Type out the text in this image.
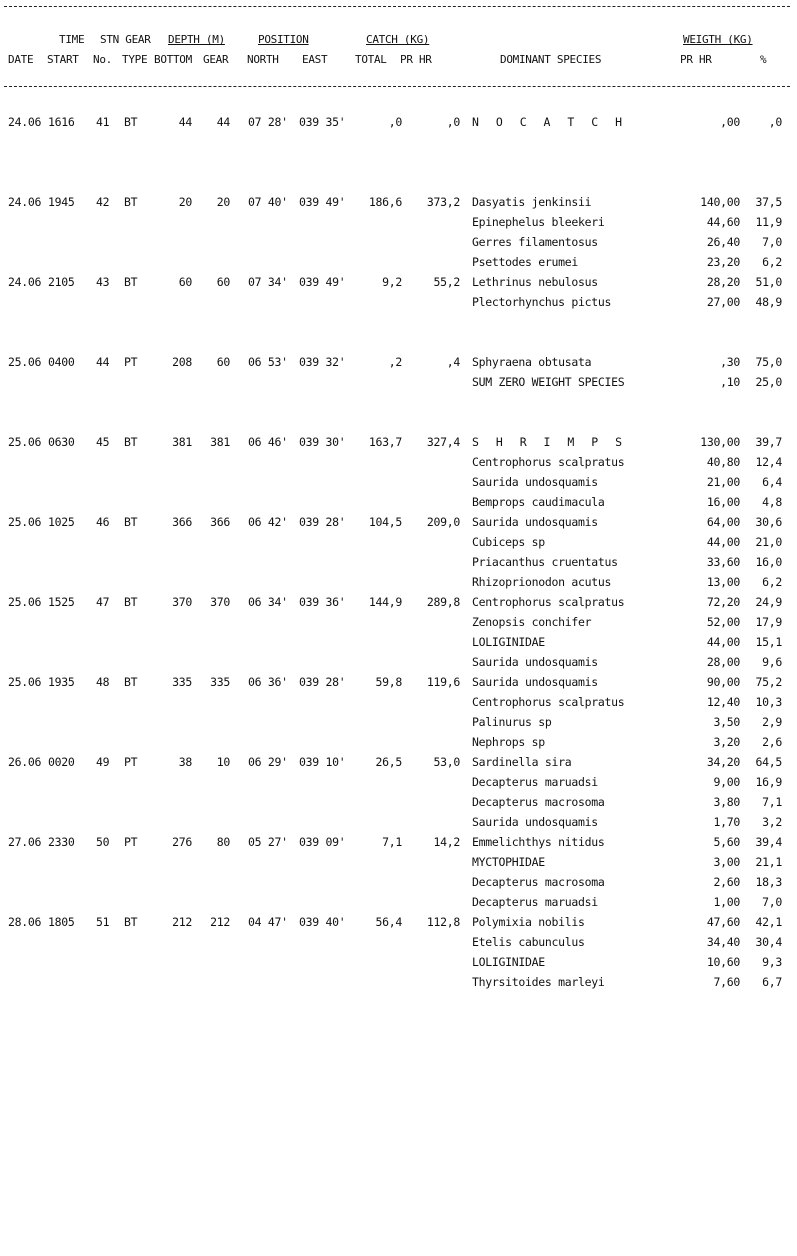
TIME STN GEAR DEPTH (M)	POSITION	CATCH (KG)	WEIGTH (KG)
DATE START No. TYPE BOTTOM GEAR NORTH EAST	TOTAL PR HR	DOMINANT SPECIES	PR HR	%
24.06 1616	41	BT	44	44 07 28' 039 35'	,0	,0 N O C A T C H	,00	,0
24.06 1945	42	BT	20	20 07 40' 039 49'	186,6	373,2 Dasyatis jenkinsii	140,00	37,5
Epinephelus bleekeri	44,60	11,9
Gerres filamentosus	26,40	7,0
Psettodes erumei	23,20	6,2
24.06 2105	43	BT	60	60 07 34' 039 49'	9,2	55,2 Lethrinus nebulosus	28,20	51,0
Plectorhynchus pictus	27,00	48,9
25.06 0400	44	PT	208	60 06 53' 039 32'	,2	,4 Sphyraena obtusata	,30	75,0
SUM ZERO WEIGHT SPECIES	,10	25,0
25.06 0630	45	BT	381	381 06 46' 039 30'	163,7	327,4 S H R I M P S	130,00	39,7
Centrophorus scalpratus	40,80	12,4
Saurida undosquamis	21,00	6,4
Bemprops caudimacula	16,00	4,8
25.06 1025	46	BT	366	366 06 42' 039 28'	104,5	209,0 Saurida undosquamis	64,00	30,6
Cubiceps sp	44,00	21,0
Priacanthus cruentatus	33,60	16,0
Rhizoprionodon acutus	13,00	6,2
25.06 1525	47	BT	370	370 06 34' 039 36'	144,9	289,8 Centrophorus scalpratus	72,20	24,9
Zenopsis conchifer	52,00	17,9
LOLIGINIDAE	44,00	15,1
Saurida undosquamis	28,00	9,6
25.06 1935	48	BT	335	335 06 36' 039 28'	59,8	119,6 Saurida undosquamis	90,00	75,2
Centrophorus scalpratus	12,40	10,3
Palinurus sp	3,50	2,9
Nephrops sp	3,20	2,6
26.06 0020	49	PT	38	10 06 29' 039 10'	26,5	53,0 Sardinella sira	34,20	64,5
Decapterus maruadsi	9,00	16,9
Decapterus macrosoma	3,80	7,1
Saurida undosquamis	1,70	3,2
27.06 2330	50	PT	276	80 05 27' 039 09'	7,1	14,2 Emmelichthys nitidus	5,60	39,4
MYCTOPHIDAE	3,00	21,1
Decapterus macrosoma	2,60	18,3
Decapterus maruadsi	1,00	7,0
28.06 1805	51	BT	212	212 04 47' 039 40'	56,4	112,8 Polymixia nobilis	47,60	42,1
Etelis cabunculus	34,40	30,4
LOLIGINIDAE	10,60	9,3
Thyrsitoides marleyi	7,60	6,7
